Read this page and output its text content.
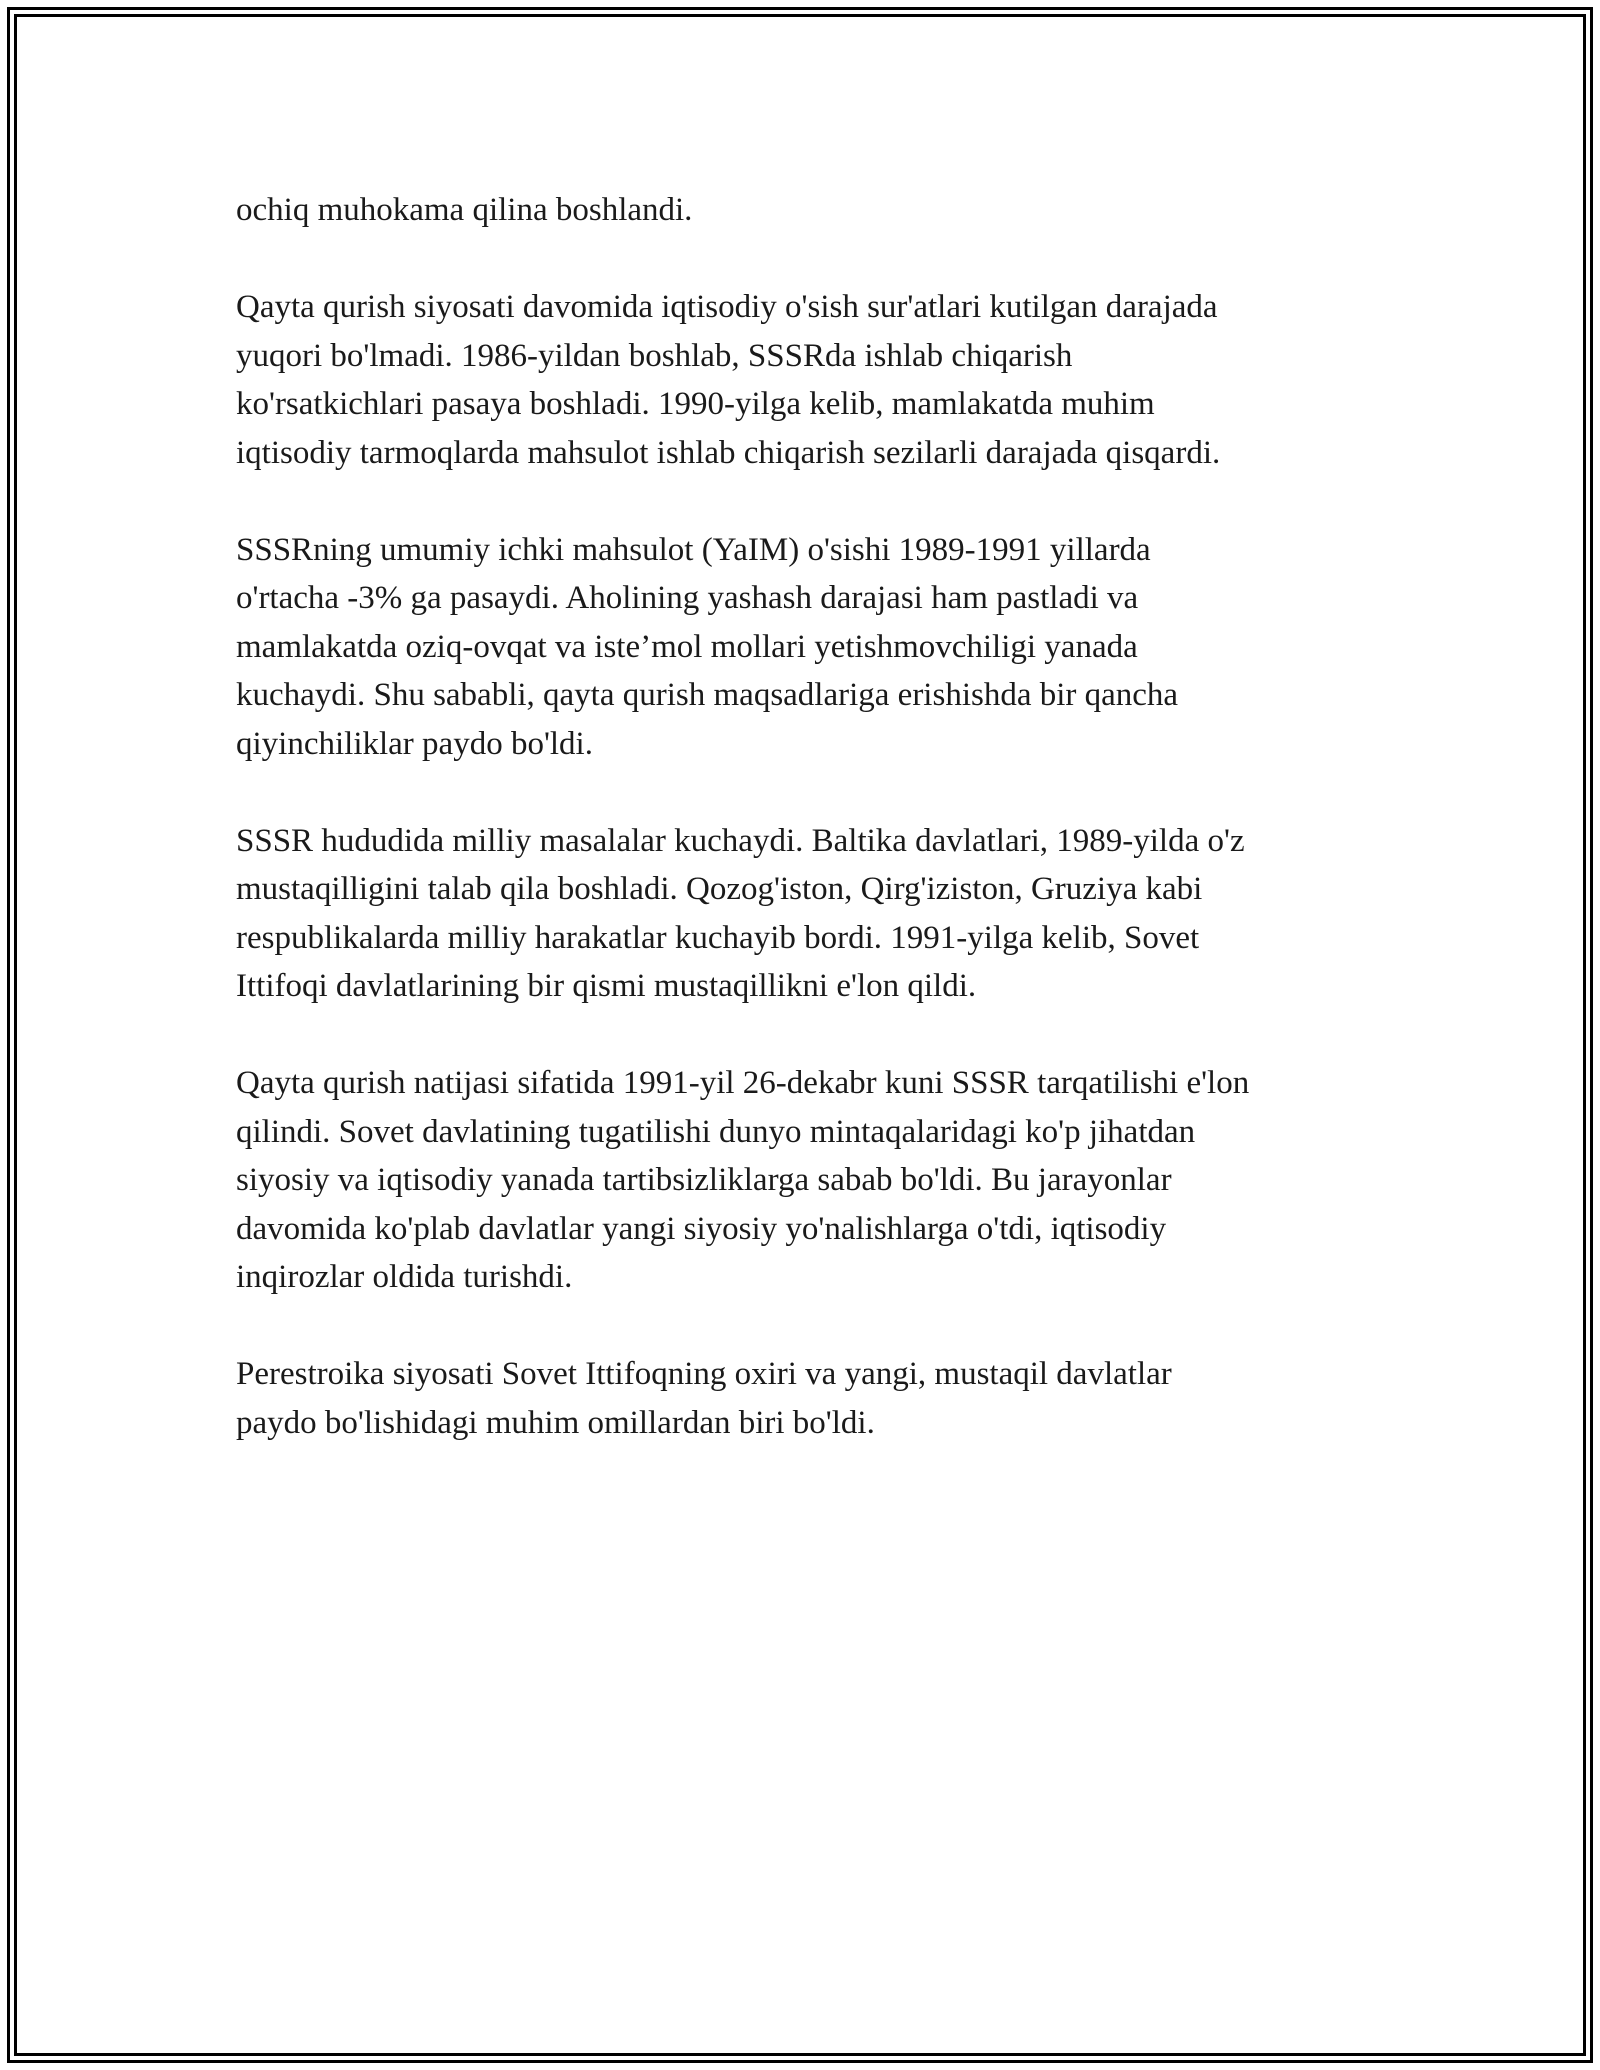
ochiq muhokama qilina boshlandi.
Qayta qurish siyosati davomida iqtisodiy o'sish sur'atlari kutilgan darajada
yuqori bo'lmadi. 1986-yildan boshlab, SSSRda ishlab chiqarish
ko'rsatkichlari pasaya boshladi. 1990-yilga kelib, mamlakatda muhim
iqtisodiy tarmoqlarda mahsulot ishlab chiqarish sezilarli darajada qisqardi.
SSSRning umumiy ichki mahsulot (YaIM) o'sishi 1989-1991 yillarda
o'rtacha -3% ga pasaydi. Aholining yashash darajasi ham pastladi va
mamlakatda oziq-ovqat va iste’mol mollari yetishmovchiligi yanada
kuchaydi. Shu sababli, qayta qurish maqsadlariga erishishda bir qancha
qiyinchiliklar paydo bo'ldi.
SSSR hududida milliy masalalar kuchaydi. Baltika davlatlari, 1989-yilda o'z
mustaqilligini talab qila boshladi. Qozog'iston, Qirg'iziston, Gruziya kabi
respublikalarda milliy harakatlar kuchayib bordi. 1991-yilga kelib, Sovet
Ittifoqi davlatlarining bir qismi mustaqillikni e'lon qildi.
Qayta qurish natijasi sifatida 1991-yil 26-dekabr kuni SSSR tarqatilishi e'lon
qilindi. Sovet davlatining tugatilishi dunyo mintaqalaridagi ko'p jihatdan
siyosiy va iqtisodiy yanada tartibsizliklarga sabab bo'ldi. Bu jarayonlar
davomida ko'plab davlatlar yangi siyosiy yo'nalishlarga o'tdi, iqtisodiy
inqirozlar oldida turishdi.
Perestroika siyosati Sovet Ittifoqning oxiri va yangi, mustaqil davlatlar
paydo bo'lishidagi muhim omillardan biri bo'ldi.
